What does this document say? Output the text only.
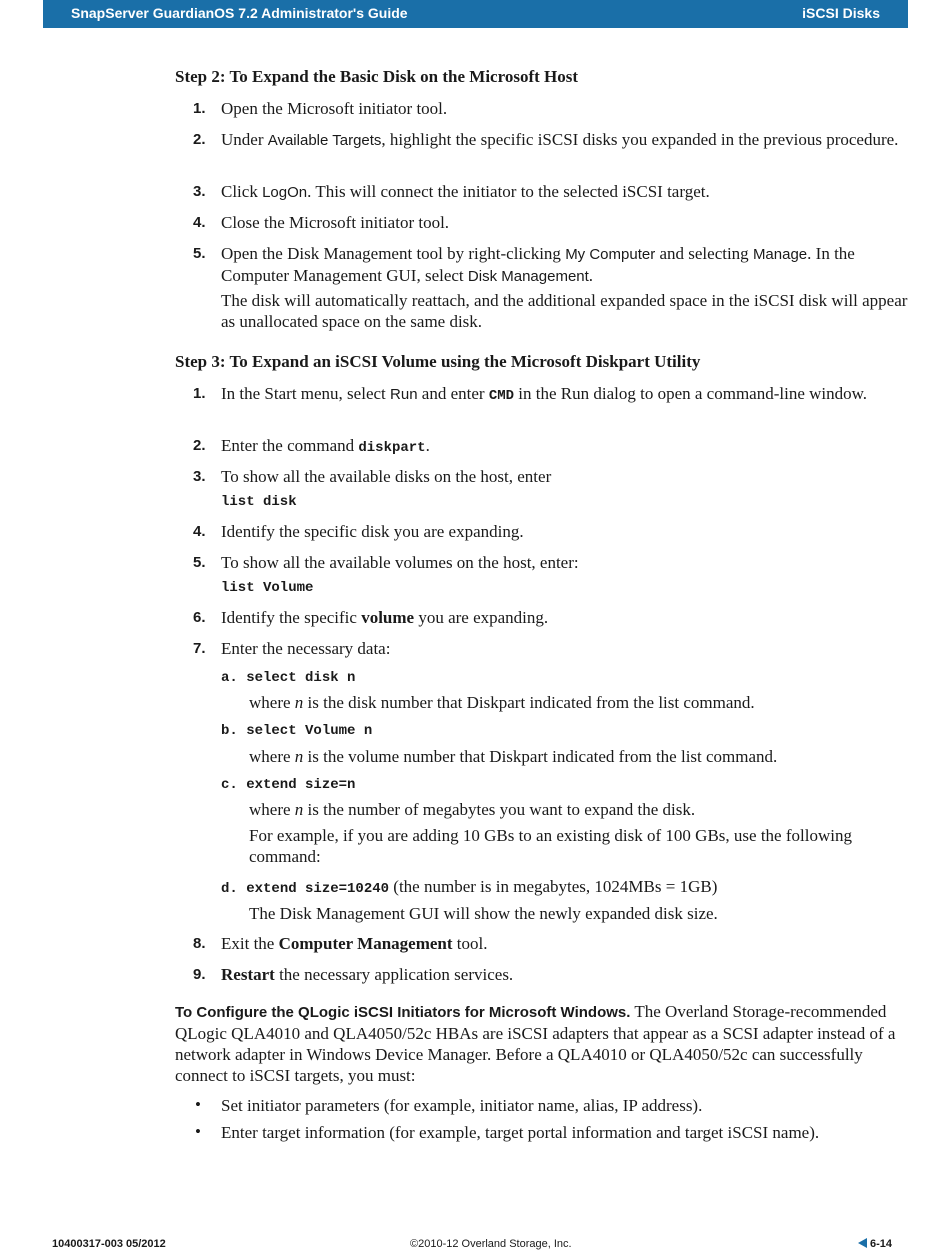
SnapServer GuardianOS 7.2 Administrator's Guide	iSCSI Disks
Step 2: To Expand the Basic Disk on the Microsoft Host
1. Open the Microsoft initiator tool.
2. Under Available Targets, highlight the specific iSCSI disks you expanded in the previous procedure.
3. Click LogOn. This will connect the initiator to the selected iSCSI target.
4. Close the Microsoft initiator tool.
5. Open the Disk Management tool by right-clicking My Computer and selecting Manage. In the Computer Management GUI, select Disk Management.
The disk will automatically reattach, and the additional expanded space in the iSCSI disk will appear as unallocated space on the same disk.
Step 3: To Expand an iSCSI Volume using the Microsoft Diskpart Utility
1. In the Start menu, select Run and enter CMD in the Run dialog to open a command-line window.
2. Enter the command diskpart.
3. To show all the available disks on the host, enter
list disk
4. Identify the specific disk you are expanding.
5. To show all the available volumes on the host, enter:
list Volume
6. Identify the specific volume you are expanding.
7. Enter the necessary data:
a. select disk n
where n is the disk number that Diskpart indicated from the list command.
b. select Volume n
where n is the volume number that Diskpart indicated from the list command.
c. extend size=n
where n is the number of megabytes you want to expand the disk.
For example, if you are adding 10 GBs to an existing disk of 100 GBs, use the following command:
d. extend size=10240 (the number is in megabytes, 1024MBs = 1GB)
The Disk Management GUI will show the newly expanded disk size.
8. Exit the Computer Management tool.
9. Restart the necessary application services.
To Configure the QLogic iSCSI Initiators for Microsoft Windows. The Overland Storage-recommended QLogic QLA4010 and QLA4050/52c HBAs are iSCSI adapters that appear as a SCSI adapter instead of a network adapter in Windows Device Manager. Before a QLA4010 or QLA4050/52c can successfully connect to iSCSI targets, you must:
• Set initiator parameters (for example, initiator name, alias, IP address).
• Enter target information (for example, target portal information and target iSCSI name).
10400317-003 05/2012	©2010-12 Overland Storage, Inc.	6-14
